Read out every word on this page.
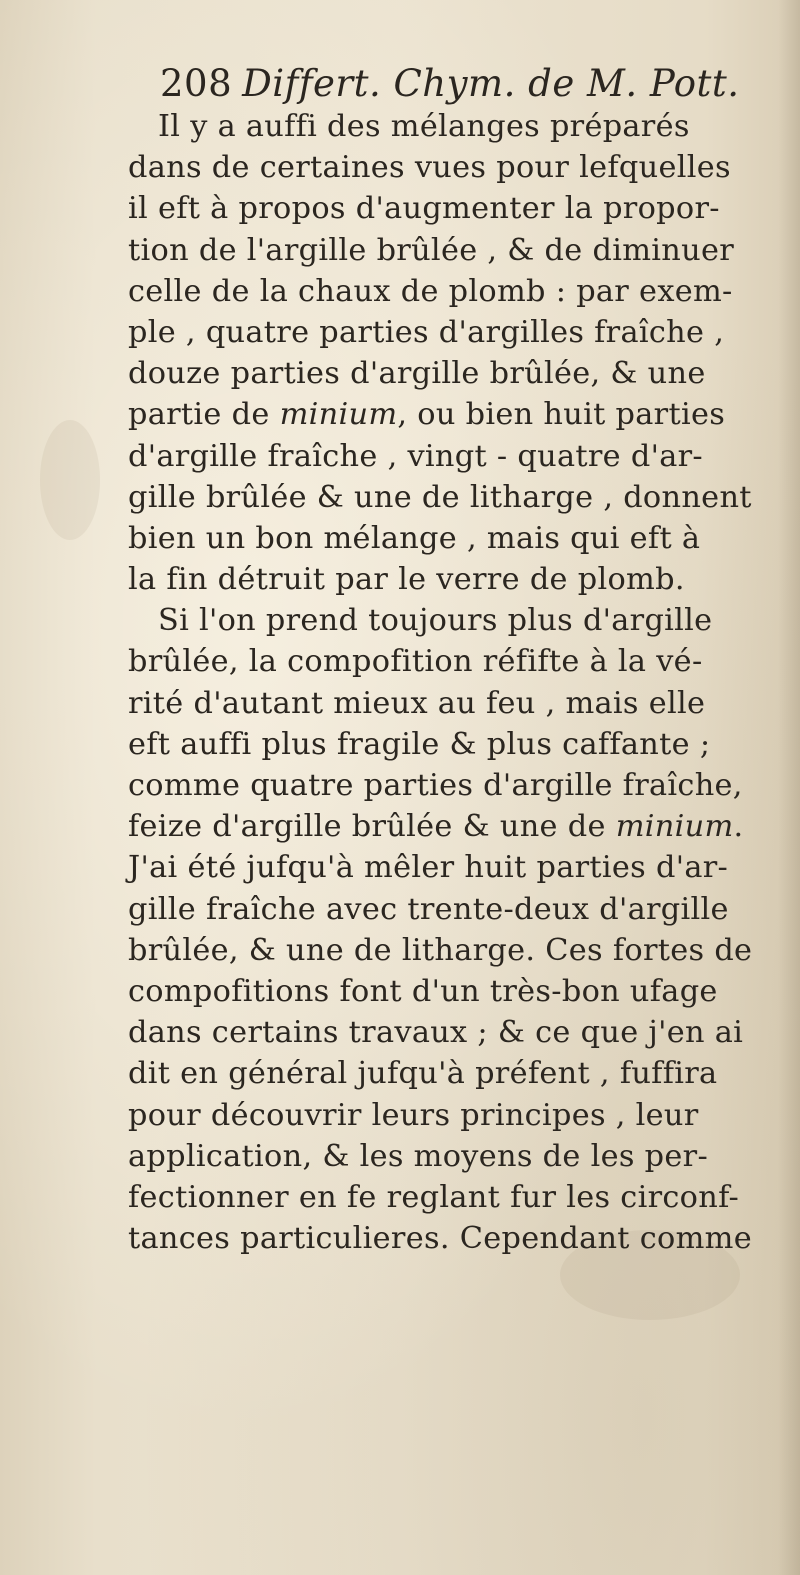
208 Differt. Chym. de M. Pott.
Il y a auffi des mélanges préparés
dans de certaines vues pour lefquelles
il eft à propos d'augmenter la propor-
tion de l'argille brûlée , & de diminuer
celle de la chaux de plomb : par exem-
ple , quatre parties d'argilles fraîche ,
douze parties d'argille brûlée, & une
partie de minium, ou bien huit parties
d'argille fraîche , vingt - quatre d'ar-
gille brûlée & une de litharge , donnent
bien un bon mélange , mais qui eft à
la fin détruit par le verre de plomb.
Si l'on prend toujours plus d'argille
brûlée, la compofition réfifte à la vé-
rité d'autant mieux au feu , mais elle
eft auffi plus fragile & plus caffante ;
comme quatre parties d'argille fraîche,
feize d'argille brûlée & une de minium.
J'ai été jufqu'à mêler huit parties d'ar-
gille fraîche avec trente-deux d'argille
brûlée, & une de litharge. Ces fortes de
compofitions font d'un très-bon ufage
dans certains travaux ; & ce que j'en ai
dit en général jufqu'à préfent , fuffira
pour découvrir leurs principes , leur
application, & les moyens de les per-
fectionner en fe reglant fur les circonf-
tances particulieres. Cependant comme
